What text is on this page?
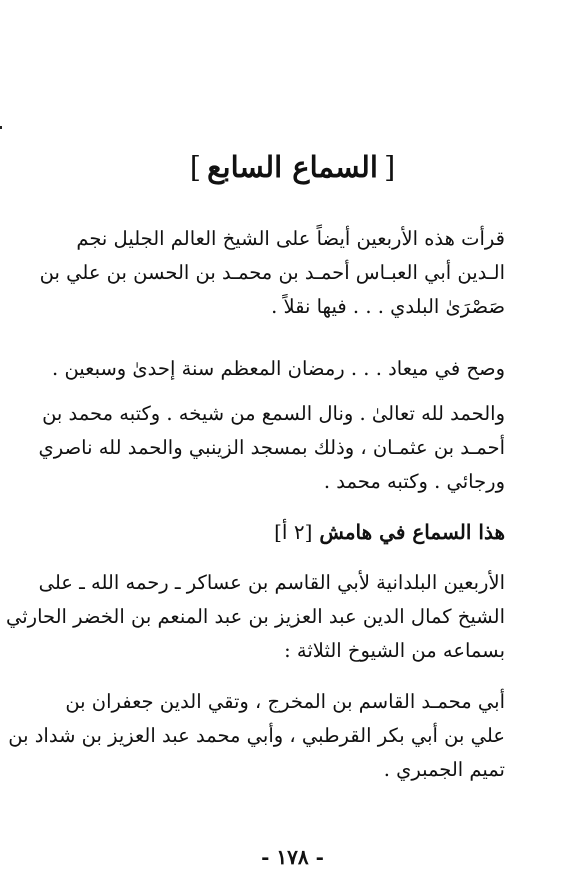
[السماع السابع]
قرأت هذه الأربعين أيضاً على الشيخ العالم الجليل نجم
الـدين أبي العبـاس أحمـد بن محمـد بن الحسن بن علي بن
صَصْرَىٰ البلدي . . . فيها نقلاً .
وصح في ميعاد . . . رمضان المعظم سنة إحدىٰ وسبعين .
والحمد لله تعالىٰ . ونال السمع من شيخه . وكتبه محمد بن
أحمـد بن عثمـان ، وذلك بمسجد الزينبي والحمد لله ناصري
ورجائي . وكتبه محمد .
هذا السماع في هامش [٢ أ]
الأربعين البلدانية لأبي القاسم بن عساكر ـ رحمه الله ـ على
الشيخ كمال الدين عبد العزيز بن عبد المنعم بن الخضر الحارثي
بسماعه من الشيوخ الثلاثة :
أبي محمـد القاسم بن المخرج ، وتقي الدين جعفران بن
علي بن أبي بكر القرطبي ، وأبي محمد عبد العزيز بن شداد بن
تميم الجمبري .
- ١٧٨ -
